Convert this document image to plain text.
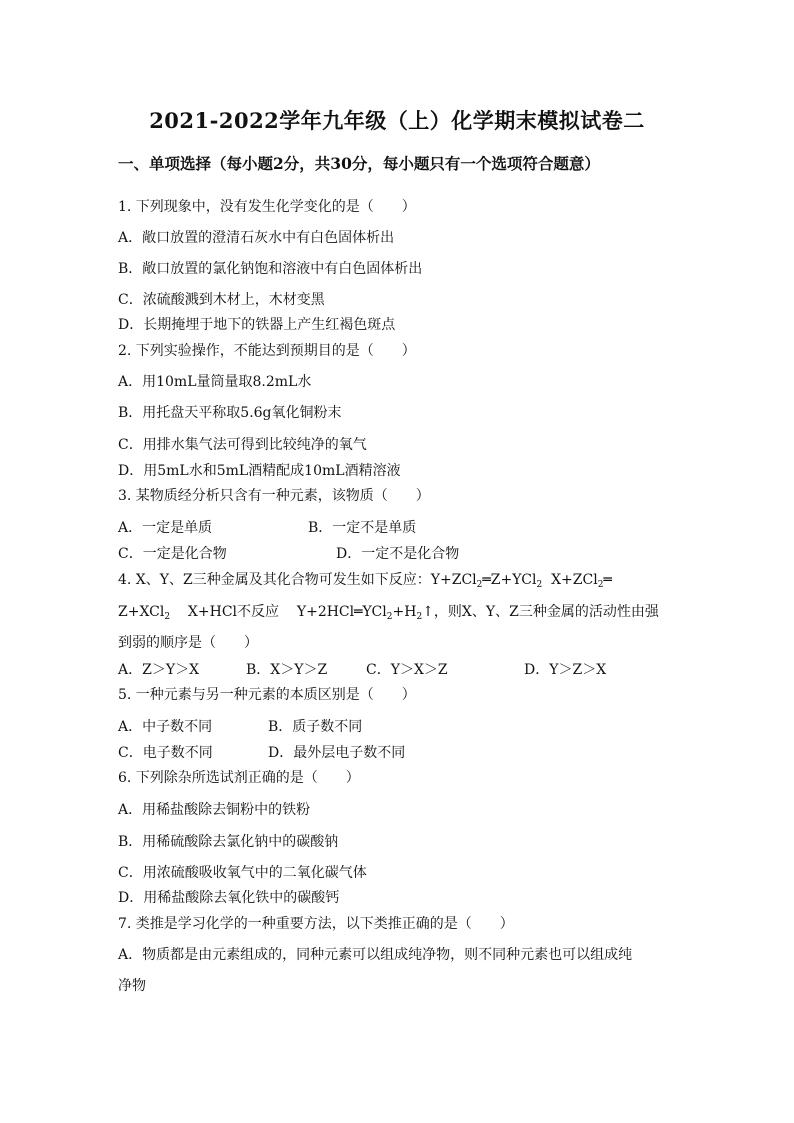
2021-2022学年九年级（上）化学期末模拟试卷二
一、单项选择（每小题2分，共30分，每小题只有一个选项符合题意）
1. 下列现象中，没有发生化学变化的是（　　）
A．敞口放置的澄清石灰水中有白色固体析出
B．敞口放置的氯化钠饱和溶液中有白色固体析出
C．浓硫酸溅到木材上，木材变黑
D．长期掩埋于地下的铁器上产生红褐色斑点
2. 下列实验操作，不能达到预期目的是（　　）
A．用10mL量筒量取8.2mL水
B．用托盘天平称取5.6g氧化铜粉末
C．用排水集气法可得到比较纯净的氧气
D．用5mL水和5mL酒精配成10mL酒精溶液
3. 某物质经分析只含有一种元素，该物质（　　）
A．一定是单质	B．一定不是单质
C．一定是化合物	D．一定不是化合物
4. X、Y、Z三种金属及其化合物可发生如下反应：Y+ZCl$_2$═Z+YCl$_2$ X+ZCl$_2$═
Z+XCl$_2$ X+HCl不反应 $Y+2HCl═YCl_2+H_2↑$，则X、Y、Z三种金属的活动性由强
到弱的顺序是（　　）
A．Z＞Y＞X	B．X＞Y＞Z	C．Y＞X＞Z	D．Y＞Z＞X
5. 一种元素与另一种元素的本质区别是（　　）
A．中子数不同	B．质子数不同
C．电子数不同	D．最外层电子数不同
6. 下列除杂所选试剂正确的是（　　）
A．用稀盐酸除去铜粉中的铁粉
B．用稀硫酸除去氯化钠中的碳酸钠
C．用浓硫酸吸收氧气中的二氧化碳气体
D．用稀盐酸除去氧化铁中的碳酸钙
7. 类推是学习化学的一种重要方法，以下类推正确的是（　　）
A．物质都是由元素组成的，同种元素可以组成纯净物，则不同种元素也可以组成纯
净物
